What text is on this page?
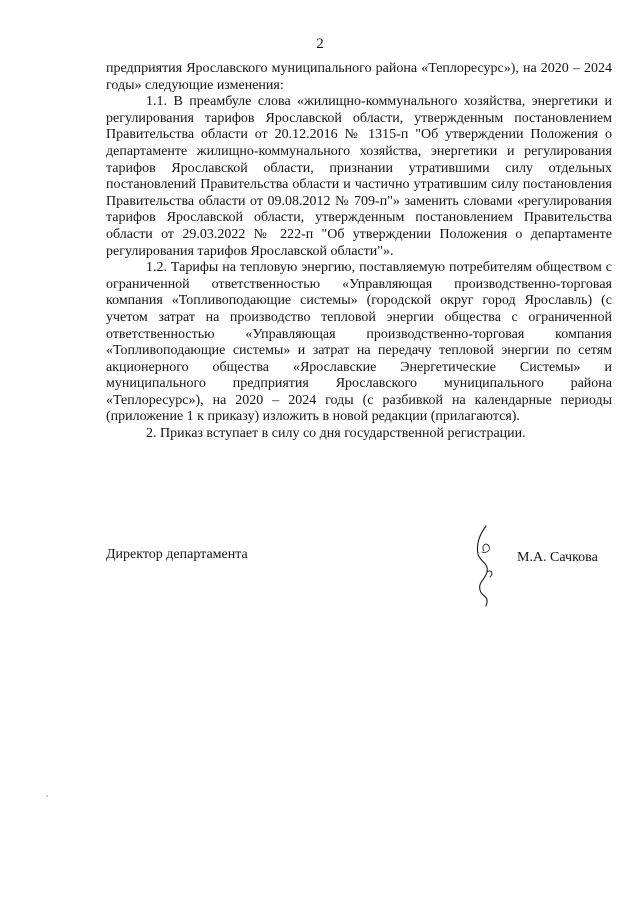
2

предприятия Ярославского муниципального района «Теплоресурс»), на 2020 – 2024 годы» следующие изменения:

1.1. В преамбуле слова «жилищно-коммунального хозяйства, энергетики и регулирования тарифов Ярославской области, утвержденным постановлением Правительства области от 20.12.2016 № 1315-п "Об утверждении Положения о департаменте жилищно-коммунального хозяйства, энергетики и регулирования тарифов Ярославской области, признании утратившими силу отдельных постановлений Правительства области и частично утратившим силу постановления Правительства области от 09.08.2012 № 709-п"» заменить словами «регулирования тарифов Ярославской области, утвержденным постановлением Правительства области от 29.03.2022 № 222-п "Об утверждении Положения о департаменте регулирования тарифов Ярославской области"».

1.2. Тарифы на тепловую энергию, поставляемую потребителям обществом с ограниченной ответственностью «Управляющая производственно-торговая компания «Топливоподающие системы» (городской округ город Ярославль) (с учетом затрат на производство тепловой энергии общества с ограниченной ответственностью «Управляющая производственно-торговая компания «Топливоподающие системы» и затрат на передачу тепловой энергии по сетям акционерного общества «Ярославские Энергетические Системы» и муниципального предприятия Ярославского муниципального района «Теплоресурс»), на 2020 – 2024 годы (с разбивкой на календарные периоды (приложение 1 к приказу) изложить в новой редакции (прилагаются).

2. Приказ вступает в силу со дня государственной регистрации.

Директор департамента	М.А. Сачкова
